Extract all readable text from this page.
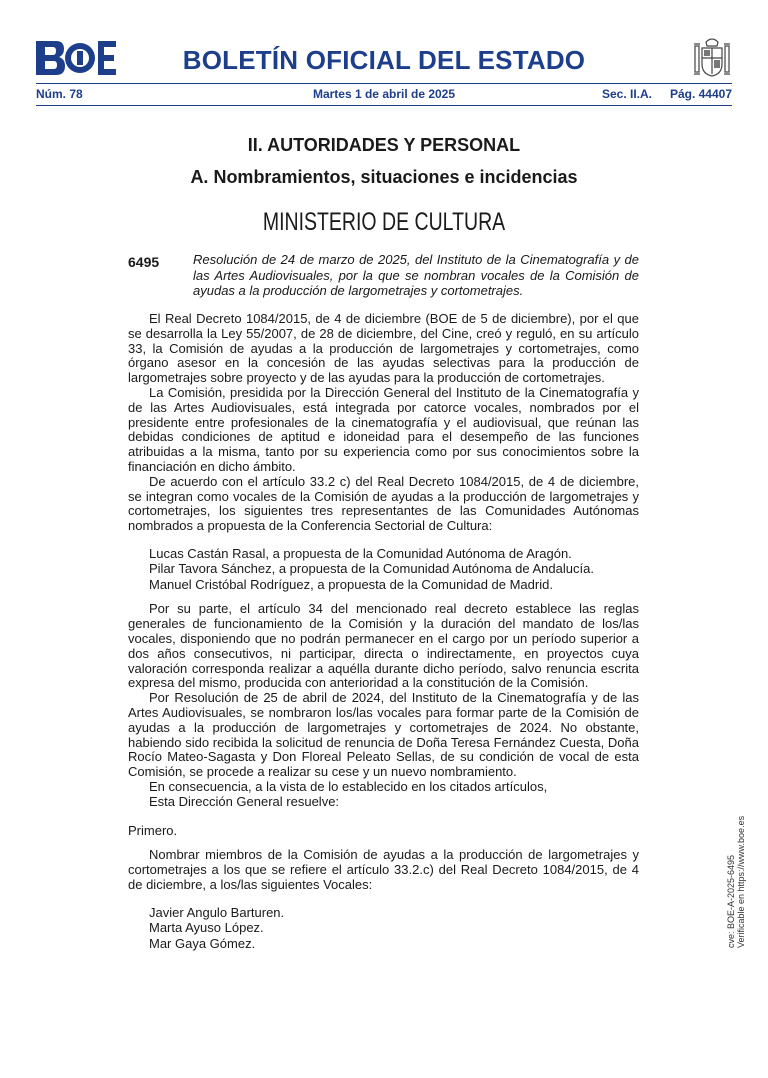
BOLETÍN OFICIAL DEL ESTADO
Núm. 78	Martes 1 de abril de 2025	Sec. II.A. Pág. 44407
II. AUTORIDADES Y PERSONAL
A. Nombramientos, situaciones e incidencias
MINISTERIO DE CULTURA
6495	Resolución de 24 de marzo de 2025, del Instituto de la Cinematografía y de las Artes Audiovisuales, por la que se nombran vocales de la Comisión de ayudas a la producción de largometrajes y cortometrajes.

El Real Decreto 1084/2015, de 4 de diciembre (BOE de 5 de diciembre), por el que se desarrolla la Ley 55/2007, de 28 de diciembre, del Cine, creó y reguló, en su artículo 33, la Comisión de ayudas a la producción de largometrajes y cortometrajes, como órgano asesor en la concesión de las ayudas selectivas para la producción de largometrajes sobre proyecto y de las ayudas para la producción de cortometrajes.

La Comisión, presidida por la Dirección General del Instituto de la Cinematografía y de las Artes Audiovisuales, está integrada por catorce vocales, nombrados por el presidente entre profesionales de la cinematografía y el audiovisual, que reúnan las debidas condiciones de aptitud e idoneidad para el desempeño de las funciones atribuidas a la misma, tanto por su experiencia como por sus conocimientos sobre la financiación en dicho ámbito.

De acuerdo con el artículo 33.2 c) del Real Decreto 1084/2015, de 4 de diciembre, se integran como vocales de la Comisión de ayudas a la producción de largometrajes y cortometrajes, los siguientes tres representantes de las Comunidades Autónomas nombrados a propuesta de la Conferencia Sectorial de Cultura:

Lucas Castán Rasal, a propuesta de la Comunidad Autónoma de Aragón.
Pilar Tavora Sánchez, a propuesta de la Comunidad Autónoma de Andalucía.
Manuel Cristóbal Rodríguez, a propuesta de la Comunidad de Madrid.

Por su parte, el artículo 34 del mencionado real decreto establece las reglas generales de funcionamiento de la Comisión y la duración del mandato de los/las vocales, disponiendo que no podrán permanecer en el cargo por un período superior a dos años consecutivos, ni participar, directa o indirectamente, en proyectos cuya valoración corresponda realizar a aquélla durante dicho período, salvo renuncia escrita expresa del mismo, producida con anterioridad a la constitución de la Comisión.

Por Resolución de 25 de abril de 2024, del Instituto de la Cinematografía y de las Artes Audiovisuales, se nombraron los/las vocales para formar parte de la Comisión de ayudas a la producción de largometrajes y cortometrajes de 2024. No obstante, habiendo sido recibida la solicitud de renuncia de Doña Teresa Fernández Cuesta, Doña Rocío Mateo-Sagasta y Don Floreal Peleato Sellas, de su condición de vocal de esta Comisión, se procede a realizar su cese y un nuevo nombramiento.

En consecuencia, a la vista de lo establecido en los citados artículos,

Esta Dirección General resuelve:

Primero.

Nombrar miembros de la Comisión de ayudas a la producción de largometrajes y cortometrajes a los que se refiere el artículo 33.2.c) del Real Decreto 1084/2015, de 4 de diciembre, a los/las siguientes Vocales:

Javier Angulo Barturen.
Marta Ayuso López.
Mar Gaya Gómez.	cve: BOE-A-2025-6495 Verificable en https://www.boe.es
